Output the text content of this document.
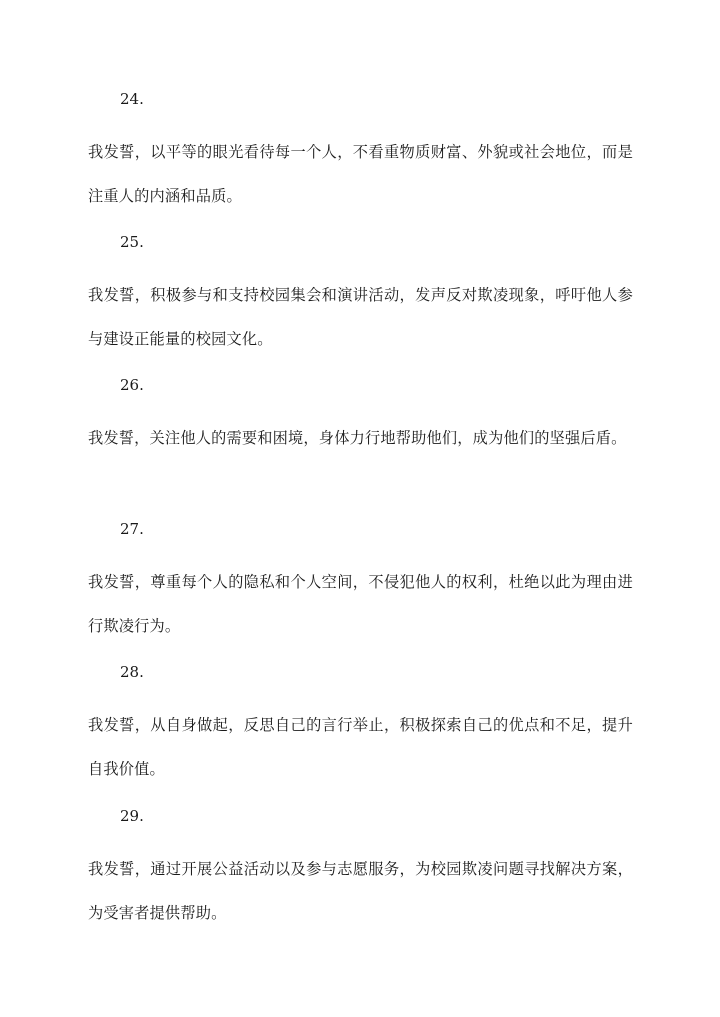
24.
我发誓，以平等的眼光看待每一个人，不看重物质财富、外貌或社会地位，而是注重人的内涵和品质。
25.
我发誓，积极参与和支持校园集会和演讲活动，发声反对欺凌现象，呼吁他人参与建设正能量的校园文化。
26.
我发誓，关注他人的需要和困境，身体力行地帮助他们，成为他们的坚强后盾。
27.
我发誓，尊重每个人的隐私和个人空间，不侵犯他人的权利，杜绝以此为理由进行欺凌行为。
28.
我发誓，从自身做起，反思自己的言行举止，积极探索自己的优点和不足，提升自我价值。
29.
我发誓，通过开展公益活动以及参与志愿服务，为校园欺凌问题寻找解决方案，为受害者提供帮助。
